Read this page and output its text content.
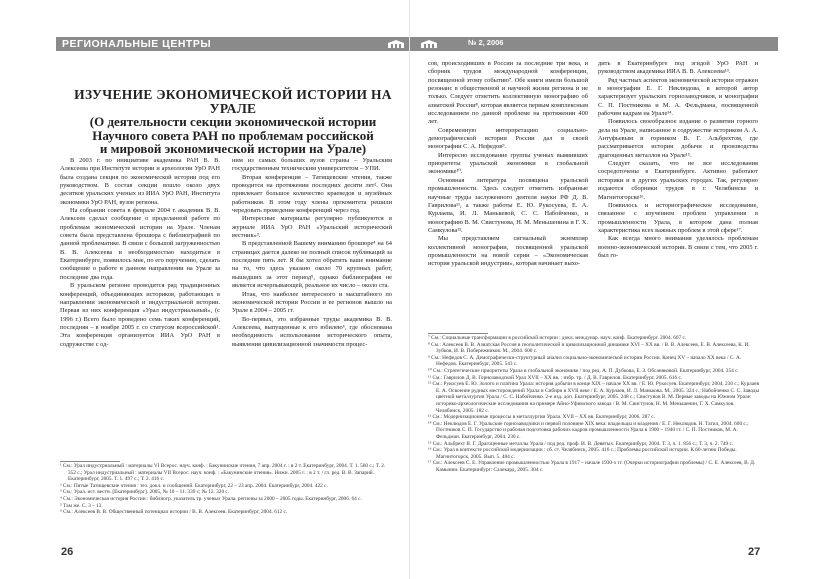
РЕГИОНАЛЬНЫЕ ЦЕНТРЫ
ИЗУЧЕНИЕ ЭКОНОМИЧЕСКОЙ ИСТОРИИ НА УРАЛЕ
(О деятельности секции экономической истории
Научного совета РАН по проблемам российской
и мировой экономической истории на Урале)

В 2003 г. по инициативе академика РАН В. В. Алексеева при Институте истории и археологии УрО РАН была создана секция по экономической истории под его руководством. В состав секции вошло около двух десятков уральских ученых из ИИА УрО РАН, Института экономики УрО РАН, вузов региона.

На собрании совета в феврале 2004 г. академик В. В. Алексеев сделал сообщение о проделанной работе по проблемам экономической истории на Урале. Членам совета была представлена брошюра с библиографией по данной проблематике. В связи с большой загруженностью В. В. Алексеева и необходимостью находиться в Екатеринбурге, появилось мне, по его поручению, сделать сообщение о работе в данном направлении на Урале за последние два года.

В уральском регионе проводится ряд традиционных конференций, объединяющих историков, работающих в направлении экономической и индустриальной истории. Первая из них конференция «Урал индустриальный», (с 1996 г.) Всего было проведено семь таких конференций, последняя – в ноябре 2005 г. со статусом всероссийской¹. Эта конференция организуется ИИА УрО РАН в содружестве с од-

ним из самых больших вузов страны – Уральским государственным техническим университетом – УПИ.

Вторая конференция – Татищевские чтения, также проводится на протяжении последних десяти лет². Она привлекает большое количество краеведов и музейных работников. В этом году члены оргкомитета решили чередовать проведение конференций через год.

Интересные материалы регулярно публикуются в журнале ИИА УрО РАН «Уральский исторический вестник»³.

В представленной Вашему вниманию брошюре⁴ на 64 страницах дается далеко не полный список публикаций за последние пять лет. Я бы хотел обратить ваше внимание на то, что здесь указано около 70 крупных работ, вышедших за этот период⁵, однако библиография не является исчерпывающей, реальное их число – около ста.

Итак, что наиболее интересного и масштабного по экономической истории России и ее регионов вышло на Урале в 2004 – 2005 гг.

Во-первых, это избранные труды академика В. В. Алексеева, выпущенные к его юбилею⁶, где обоснована необходимость использования исторического опыта, выявления цивилизационной значимости процес-

¹ См.: Урал индустриальный : материалы VI Всерос. науч. конф. : Бакунинские чтения, 7 апр. 2004 г. : в 2 т. Екатеринбург, 2004. Т. 1. 560 с.; Т. 2. 352 с.; Урал индустриальный : материалы VII Всерос. науч. конф. : «Бакунинские чтения». Нижн. 2005 г. : в 2 т. / гл. ред. В. В. Запарий. Екатеринбург, 2005. Т. 1. 497 с.; Т. 2. 416 с.
² См.: Пятые Татищевские чтения : тез. докл. и сообщений. Екатеринбург, 22 – 23 апр. 2004. Екатеринбург, 2004. 422 с.
³ См.: Урал. ист. вестн. [Екатеринбург]. 2005, № 10 – 11. 339 с; № 12. 320 с.
⁴ См.: Экономическая история России : библиогр. указатель тр. ученых Урала. регионы за 2000 – 2005 годы. Екатеринбург, 2006. 64 с.
⁵ Там же. С. 3 – 13.
⁶ См.: Алексеев В. В. Общественный потенциал истории / В. В. Алексеев. Екатеринбург, 2004. 612 с.
26
№ 2, 2006

сов, происходивших в России за последние три века, и сборник трудов международной конференции, посвященной этому событию⁷. Обе книги имели большой резонанс в общественной и научной жизни региона и не только. Следует отметить коллективную монографию об азиатской России⁸, которая является первым комплексным исследованием по данной проблеме на протяжении 400 лет.

Современную интерпретацию социально-демографической истории России дал в своей монографии С. А. Нефедов⁹.

Интересно исследование группы ученых выявивших приоритеты уральской экономики в глобальной экономике¹⁰.

Основная литература посвящена уральской промышленности. Здесь следует отметить избранные научные труды заслуженного деятеля науки РФ Д. В. Гаврилова¹¹, а также работы Е. Ю. Рукосуева, Е. А. Курлаева, И. Л. Манькевой, С. С. Набойченко, и монографию В. М. Свистунова, Н. М. Меньшенина и Г. Х. Самкулова¹².

Мы представляем сигнальный экземпляр коллективной монографии, посвященной уральской промышленности на новой серии – «Экономическая история уральской индустрии», которая начинает выхо-

дить в Екатеринбурге под эгидой УрО РАН и руководством академика ИИА В. В. Алексеева¹³.

Ряд частных аспектов экономической истории отражен в монографии Е. Г. Неклюдова, в которой автор характеризует уральских горнозаводчиков, и монографии С. П. Постникова и М. А. Фельдмана, посвященной рабочим кадрам на Урале¹⁴.

Появилось своеобразное издание о развитии горного дела на Урале, написанное в содружестве историком А. А. Антуфьевым и горником В. Г. Альбрехтом, где рассматривается история добычи и производства драгоценных металлов на Урале¹⁵.

Следует сказать, что не все исследования сосредоточены в Екатеринбурге. Активно работают историки и в других уральских городах. Так, регулярно издаются сборники трудов в г. Челябинске и Магнитогорске¹⁶.

Появилось и историографическое исследование, связанное с изучением проблем управления в промышленности Урала, в котором дана полная характеристика всех важных проблем в этой сфере¹⁷.

Как всегда много внимания уделялось проблемам военно-экономической истории. В связи с тем, что 2005 г. был го-

⁷ См.: Социальные трансформации в российской истории : докл. междунар. науч. конф. Екатеринбург. 2004. 607 с.
⁸ См.: Алексеев В. В. Азиатская Россия в геополитической и цивилизационной динамике XVI – XX вв. / В. В. Алексеев, Е. В. Алексеева, К. И. Зубков, И. В. Побережников. М., 2004. 600 с.
⁹ См.: Нефедов С. А. Демографически-структурный анализ социально-экономической истории России. Конец XV – начало XX века / С. А. Нефедов. Екатеринбург, 2005. 543 с.
¹⁰ См.: Стратегические приоритеты Урала в глобальной экономике / под ред. А. П. Дубкова, Е. З. Обсаняковой. Екатеринбург, 2004. 354 с.
¹¹ См.: Гаврилов Д. В. Горнозаводской Урал XVII – XX вв. : избр. тр. / Д. В. Гаврилов. Екатеринбург, 2005. 616 с.
¹² См.: Рукосуев Е. Ю. Золото и платина Урала: история добычи в конце XIX – начале XX вв. / Е. Ю. Рукосуев. Екатеринбург, 2004. 230 с.; Курлаев Е. А. Освоение рудных месторождений Урала и Сибири в XVII веке / Е. А. Курлаев, И. Л. Манькова. М., 2005. 324 с.; Набойченко С. С. Заводы цветной металлургии Урала / С. С. Набойченко. 2-е изд. доп. Екатеринбург, 2005. 248 с.; Свистунов В. М. Первые заводы на Южном Урале: историко-археологические исследования на примере Айно-Уфимского завода / В. М. Свистунов, Н. М. Меньшенин, Г. Х. Самкулов. Челябинск, 2005. 182 с.
¹³ См.: Модернизационные процессы в металлургии Урала. XVII – XX вв. Екатеринбург, 2006. 287 с.
¹⁴ См.: Неклюдов Е. Г. Уральские горнозаводчики и первой половине XIX века: владельцы и владения / Е. Г. Неклюдов. Н. Тагил, 2004. 600 с.; Постников С. П. Государство и рабочая подготовка рабочих кадров промышленности Урала в 1900 – 1940 гг. / С. П. Постников, М. А. Фельдман. Екатеринбург, 2004. 230 с.
¹⁵ См.: Альбрехт В. Г. Драгоценные металлы Урала / под ред. проф. И. В. Девятых. Екатеринбург, 2004. Т. 3, ч. 1. 856 с.; Т. 3, ч. 2. 749 с.
¹⁶ См.: Урал в контексте российской модернизации : сб. ст. Челябинск, 2005. 416 с.; Проблемы российской истории. К 60-летию Победы. Магнитогорск, 2005. Вып. 5. 484 с.
¹⁷ См.: Алексеев С. Е. Управление промышленностью Урала в 1917 – начале 1930-х гг. (Очерки историографии проблемы) / С. Е. Алексеев, В. Д. Камынин. Екатеринбург: Салекард, 2005. 304 с.
27
